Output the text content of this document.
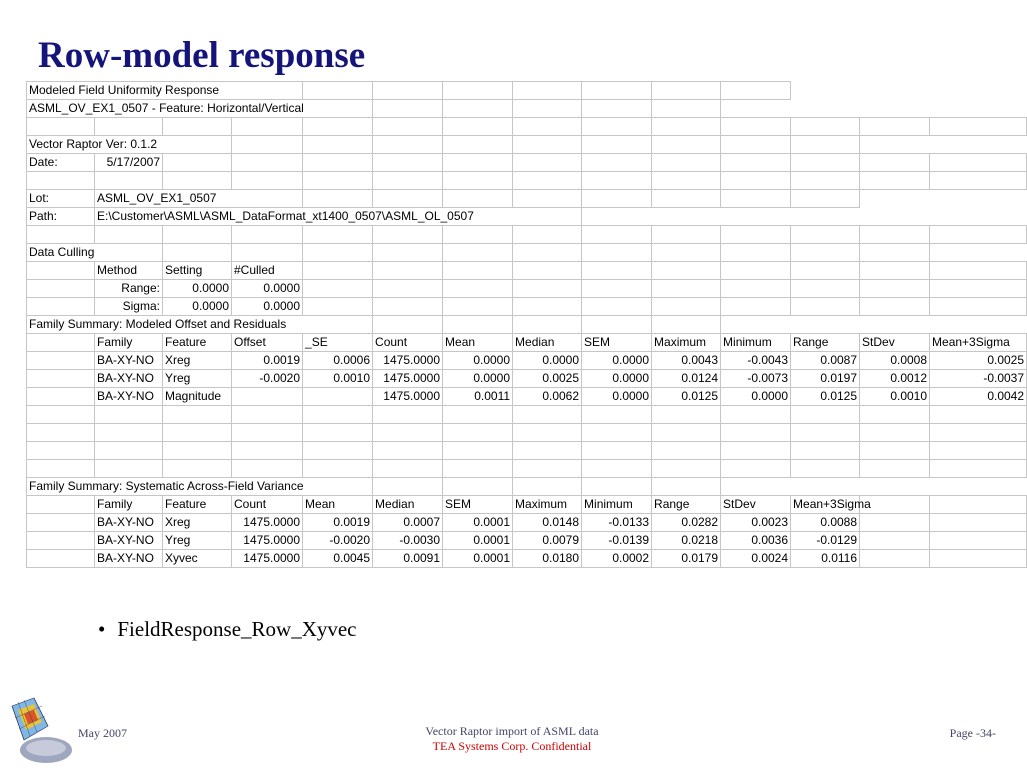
Row-model response
Modeled Field Uniformity Response													
ASML_OV_EX1_0507 - Feature: Horizontal/Vertical													

Vector Raptor Ver: 0.1.2													
Date:	5/17/2007												

Lot:	ASML_OV_EX1_0507												
Path:	E:\Customer\ASML\ASML_DataFormat_xt1400_0507\ASML_OL_0507												

Data Culling													
	Method	Setting	#Culled										
	Range:	0.0000	0.0000										
	Sigma:	0.0000	0.0000										
Family Summary: Modeled Offset and Residuals													
	Family	Feature	Offset	_SE	Count	Mean	Median	SEM	Maximum	Minimum	Range	StDev	Mean+3Sigma
	BA-XY-NO	Xreg	0.0019	0.0006	1475.0000	0.0000	0.0000	0.0000	0.0043	-0.0043	0.0087	0.0008	0.0025
	BA-XY-NO	Yreg	-0.0020	0.0010	1475.0000	0.0000	0.0025	0.0000	0.0124	-0.0073	0.0197	0.0012	-0.0037
	BA-XY-NO	Magnitude			1475.0000	0.0011	0.0062	0.0000	0.0125	0.0000	0.0125	0.0010	0.0042

Family Summary: Systematic Across-Field Variance													
	Family	Feature	Count	Mean	Median	SEM	Maximum	Minimum	Range	StDev	Mean+3Sigma		
	BA-XY-NO	Xreg	1475.0000	0.0019	0.0007	0.0001	0.0148	-0.0133	0.0282	0.0023	0.0088		
	BA-XY-NO	Yreg	1475.0000	-0.0020	-0.0030	0.0001	0.0079	-0.0139	0.0218	0.0036	-0.0129		
	BA-XY-NO	Xyvec	1475.0000	0.0045	0.0091	0.0001	0.0180	0.0002	0.0179	0.0024	0.0116		
• FieldResponse_Row_Xyvec
May 2007	Vector Raptor import of ASML data
TEA Systems Corp. Confidential
Page -34-
